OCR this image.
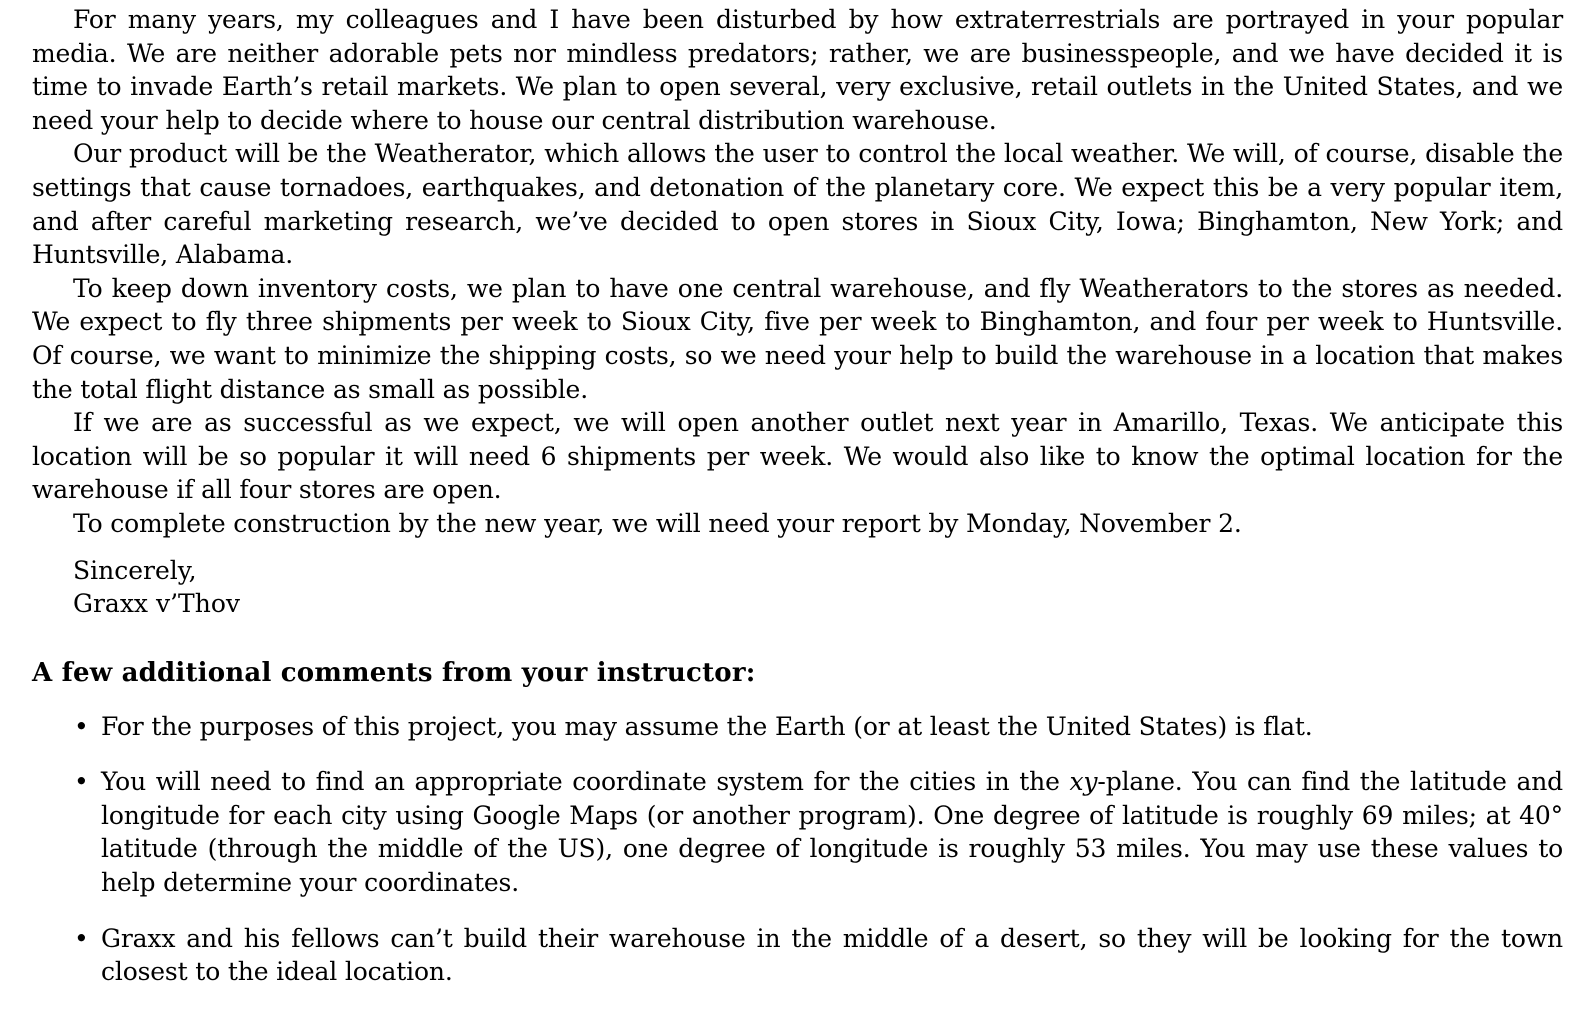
For many years, my colleagues and I have been disturbed by how extraterrestrials are portrayed in your popular media. We are neither adorable pets nor mindless predators; rather, we are businesspeople, and we have decided it is time to invade Earth’s retail markets. We plan to open several, very exclusive, retail outlets in the United States, and we need your help to decide where to house our central distribution warehouse.

Our product will be the Weatherator, which allows the user to control the local weather. We will, of course, disable the settings that cause tornadoes, earthquakes, and detonation of the planetary core. We expect this be a very popular item, and after careful marketing research, we’ve decided to open stores in Sioux City, Iowa; Binghamton, New York; and Huntsville, Alabama.

To keep down inventory costs, we plan to have one central warehouse, and fly Weatherators to the stores as needed. We expect to fly three shipments per week to Sioux City, five per week to Binghamton, and four per week to Huntsville. Of course, we want to minimize the shipping costs, so we need your help to build the warehouse in a location that makes the total flight distance as small as possible.

If we are as successful as we expect, we will open another outlet next year in Amarillo, Texas. We anticipate this location will be so popular it will need 6 shipments per week. We would also like to know the optimal location for the warehouse if all four stores are open.

To complete construction by the new year, we will need your report by Monday, November 2.

Sincerely,
Graxx v’Thov
A few additional comments from your instructor:
• For the purposes of this project, you may assume the Earth (or at least the United States) is flat.
• You will need to find an appropriate coordinate system for the cities in the xy-plane. You can find the latitude and longitude for each city using Google Maps (or another program). One degree of latitude is roughly 69 miles; at 40° latitude (through the middle of the US), one degree of longitude is roughly 53 miles. You may use these values to help determine your coordinates.
• Graxx and his fellows can’t build their warehouse in the middle of a desert, so they will be looking for the town closest to the ideal location.
